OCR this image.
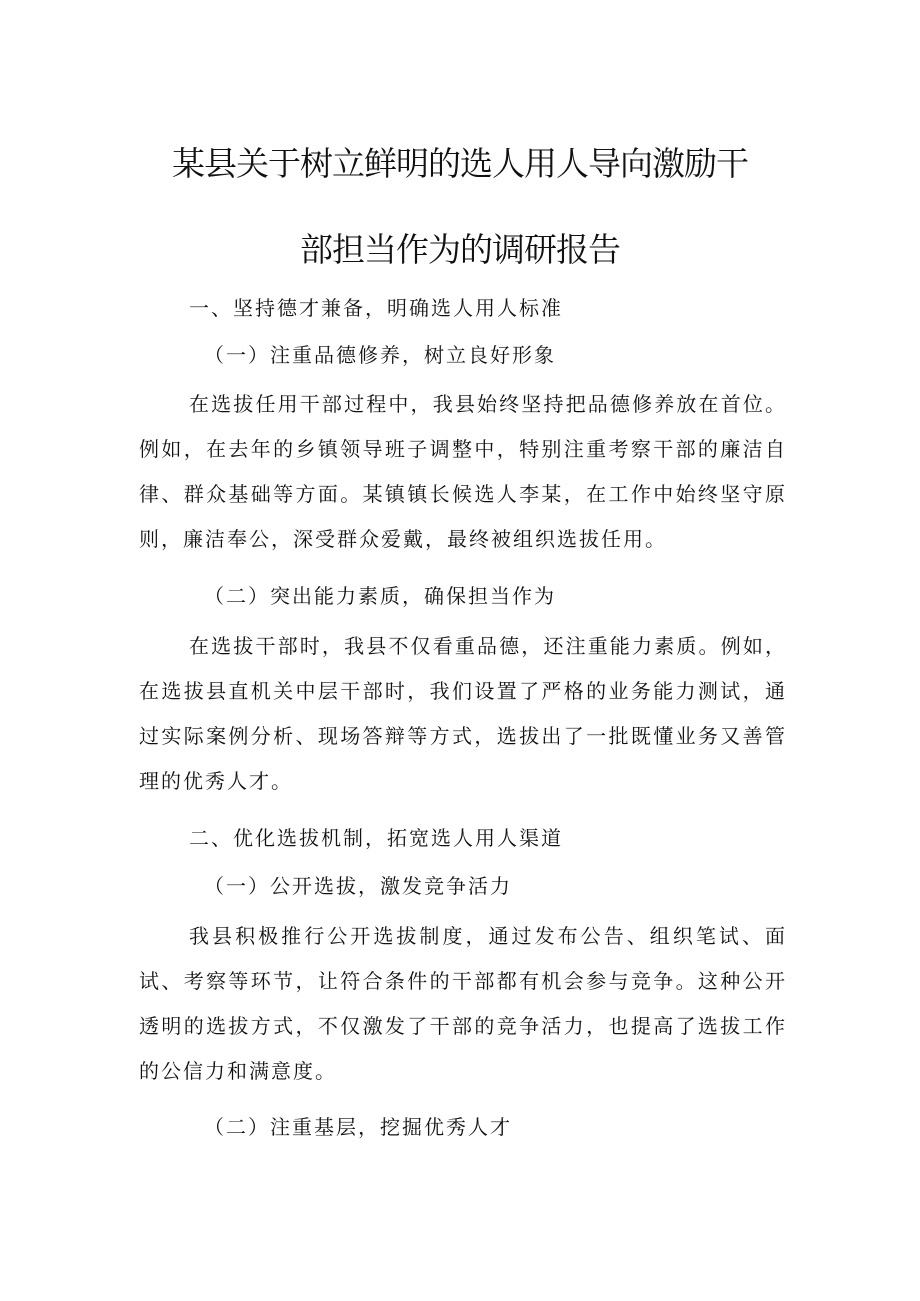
某县关于树立鲜明的选人用人导向激励干
部担当作为的调研报告
一、坚持德才兼备，明确选人用人标准
（一）注重品德修养，树立良好形象
在选拔任用干部过程中，我县始终坚持把品德修养放在首位。例如，在去年的乡镇领导班子调整中，特别注重考察干部的廉洁自律、群众基础等方面。某镇镇长候选人李某，在工作中始终坚守原则，廉洁奉公，深受群众爱戴，最终被组织选拔任用。
（二）突出能力素质，确保担当作为
在选拔干部时，我县不仅看重品德，还注重能力素质。例如，在选拔县直机关中层干部时，我们设置了严格的业务能力测试，通过实际案例分析、现场答辩等方式，选拔出了一批既懂业务又善管理的优秀人才。
二、优化选拔机制，拓宽选人用人渠道
（一）公开选拔，激发竞争活力
我县积极推行公开选拔制度，通过发布公告、组织笔试、面试、考察等环节，让符合条件的干部都有机会参与竞争。这种公开透明的选拔方式，不仅激发了干部的竞争活力，也提高了选拔工作的公信力和满意度。
（二）注重基层，挖掘优秀人才
